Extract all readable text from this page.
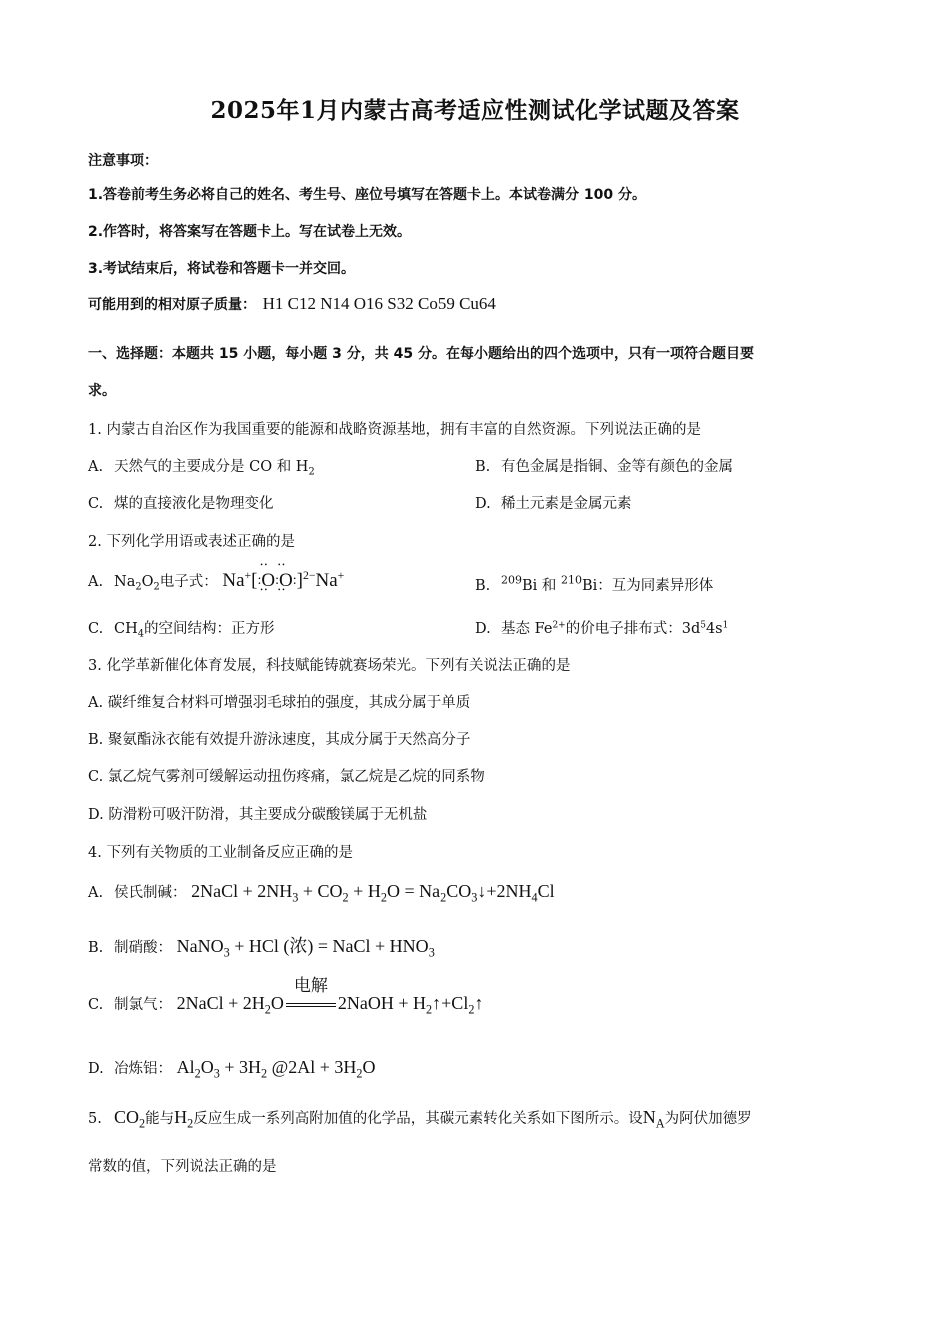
2025年1月内蒙古高考适应性测试化学试题及答案
注意事项：
1.答卷前考生务必将自己的姓名、考生号、座位号填写在答题卡上。本试卷满分 100 分。
2.作答时，将答案写在答题卡上。写在试卷上无效。
3.考试结束后，将试卷和答题卡一并交回。
可能用到的相对原子质量： H1 C12 N14 O16 S32 Co59 Cu64
一、选择题：本题共 15 小题，每小题 3 分，共 45 分。在每小题给出的四个选项中，只有一项符合题目要
求。
1. 内蒙古自治区作为我国重要的能源和战略资源基地，拥有丰富的自然资源。下列说法正确的是
A. 天然气的主要成分是 CO 和 $H_2$	B. 有色金属是指铜、金等有颜色的金属
C. 煤的直接液化是物理变化	D. 稀土元素是金属元素
2. 下列化学用语或表述正确的是
A. $Na_2O_2$电子式： Na+[:• • O • •:• • O • •:]$^{2-}$Na+
B. $^{209}$Bi 和 $^{210}$Bi：互为同素异形体
C. $CH_4$的空间结构：正方形	D. 基态 $Fe^{2+}$的价电子排布式：$3d^54s^1$
3. 化学革新催化体育发展，科技赋能铸就赛场荣光。下列有关说法正确的是
A. 碳纤维复合材料可增强羽毛球拍的强度，其成分属于单质
B. 聚氨酯泳衣能有效提升游泳速度，其成分属于天然高分子
C. 氯乙烷气雾剂可缓解运动扭伤疼痛，氯乙烷是乙烷的同系物
D. 防滑粉可吸汗防滑，其主要成分碳酸镁属于无机盐
4. 下列有关物质的工业制备反应正确的是
A. 侯氏制碱： 2NaCl + $2NH_3 + CO_2 + H_2O$ = $Na_2CO_3↓+2NH_4Cl$
B. 制硝酸： NaNO$_3$ + HCl (浓) = NaCl + $HNO_3$
C. 制氯气： 2NaCl + $2H_2O$
电解
2NaOH + $H_2↑+Cl_2↑$
D. 冶炼铝： $Al_2O_3 + 3H_2$ @2Al + $3H_2O$
5. $CO_2$能与$H_2$反应生成一系列高附加值的化学品，其碳元素转化关系如下图所示。设$N_A$为阿伏加德罗
常数的值，下列说法正确的是
